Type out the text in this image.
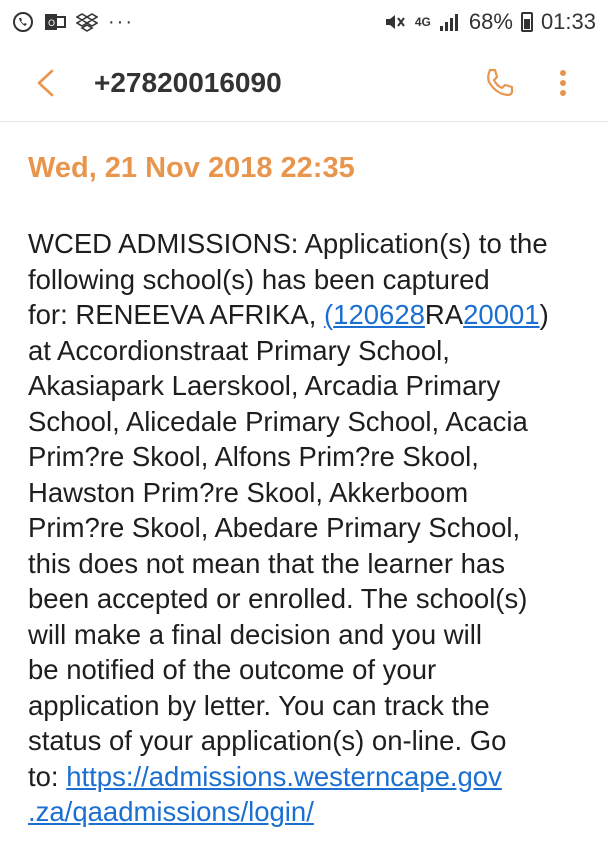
O	···	4G 68% 01:33
+27820016090
Wed, 21 Nov 2018 22:35

WCED ADMISSIONS: Application(s) to the
following school(s) has been captured
for: RENEEVA AFRIKA, (120628RA20001)
at Accordionstraat Primary School,
Akasiapark Laerskool, Arcadia Primary
School, Alicedale Primary School, Acacia
Prim?re Skool, Alfons Prim?re Skool,
Hawston Prim?re Skool, Akkerboom
Prim?re Skool, Abedare Primary School,
this does not mean that the learner has
been accepted or enrolled. The school(s)
will make a final decision and you will
be notified of the outcome of your
application by letter. You can track the
status of your application(s) on-line. Go
to: https://admissions.westerncape.gov
.za/qaadmissions/login/
